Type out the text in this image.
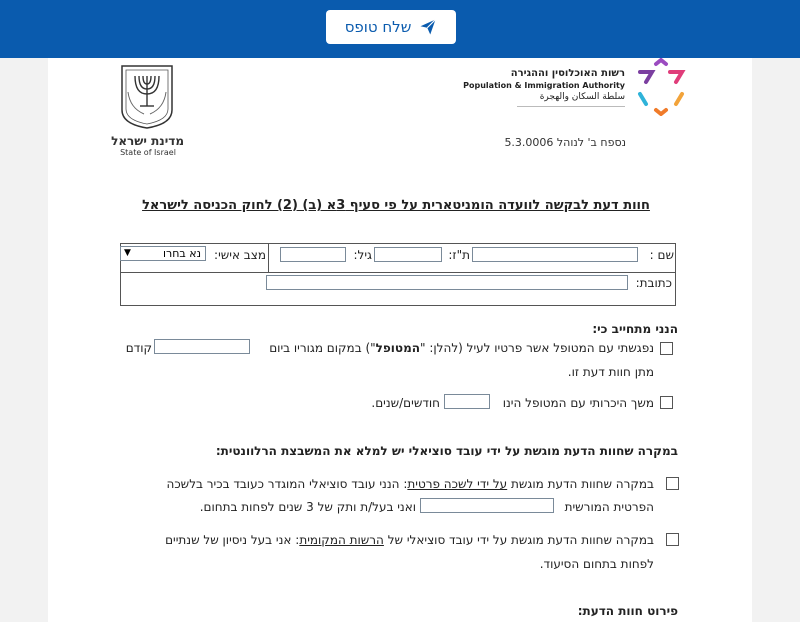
שלח טופס
מדינת ישראל
State of Israel
רשות האוכלוסין וההגירה
Population & Immigration Authority
سلطة السكان والهجرة
נספח ב' לנוהל 5.3.0006
חוות דעת לבקשה לוועדה הומניטארית על פי סעיף 3א (ב) (2) לחוק הכניסה לישראל
שם :
ת"ז:
גיל:
מצב אישי:
נא בחרו
▼
כתובת:
הנני מתחייב כי:
נפגשתי עם המטופל אשר פרטיו לעיל (להלן: "המטופל") במקום מגוריו ביום
קודם
מתן חוות דעת זו.
משך היכרותי עם המטופל הינו
חודשים/שנים.
במקרה שחוות הדעת מוגשת על ידי עובד סוציאלי יש למלא את המשבצת הרלוונטית:
במקרה שחוות הדעת מוגשת על ידי לשכה פרטית: הנני עובד סוציאלי המוגדר כעובד בכיר בלשכה
הפרטית המורשית
ואני בעל/ת ותק של 3 שנים לפחות בתחום.
במקרה שחוות הדעת מוגשת על ידי עובד סוציאלי של הרשות המקומית: אני בעל ניסיון של שנתיים
לפחות בתחום הסיעוד.
פירוט חוות הדעת:
